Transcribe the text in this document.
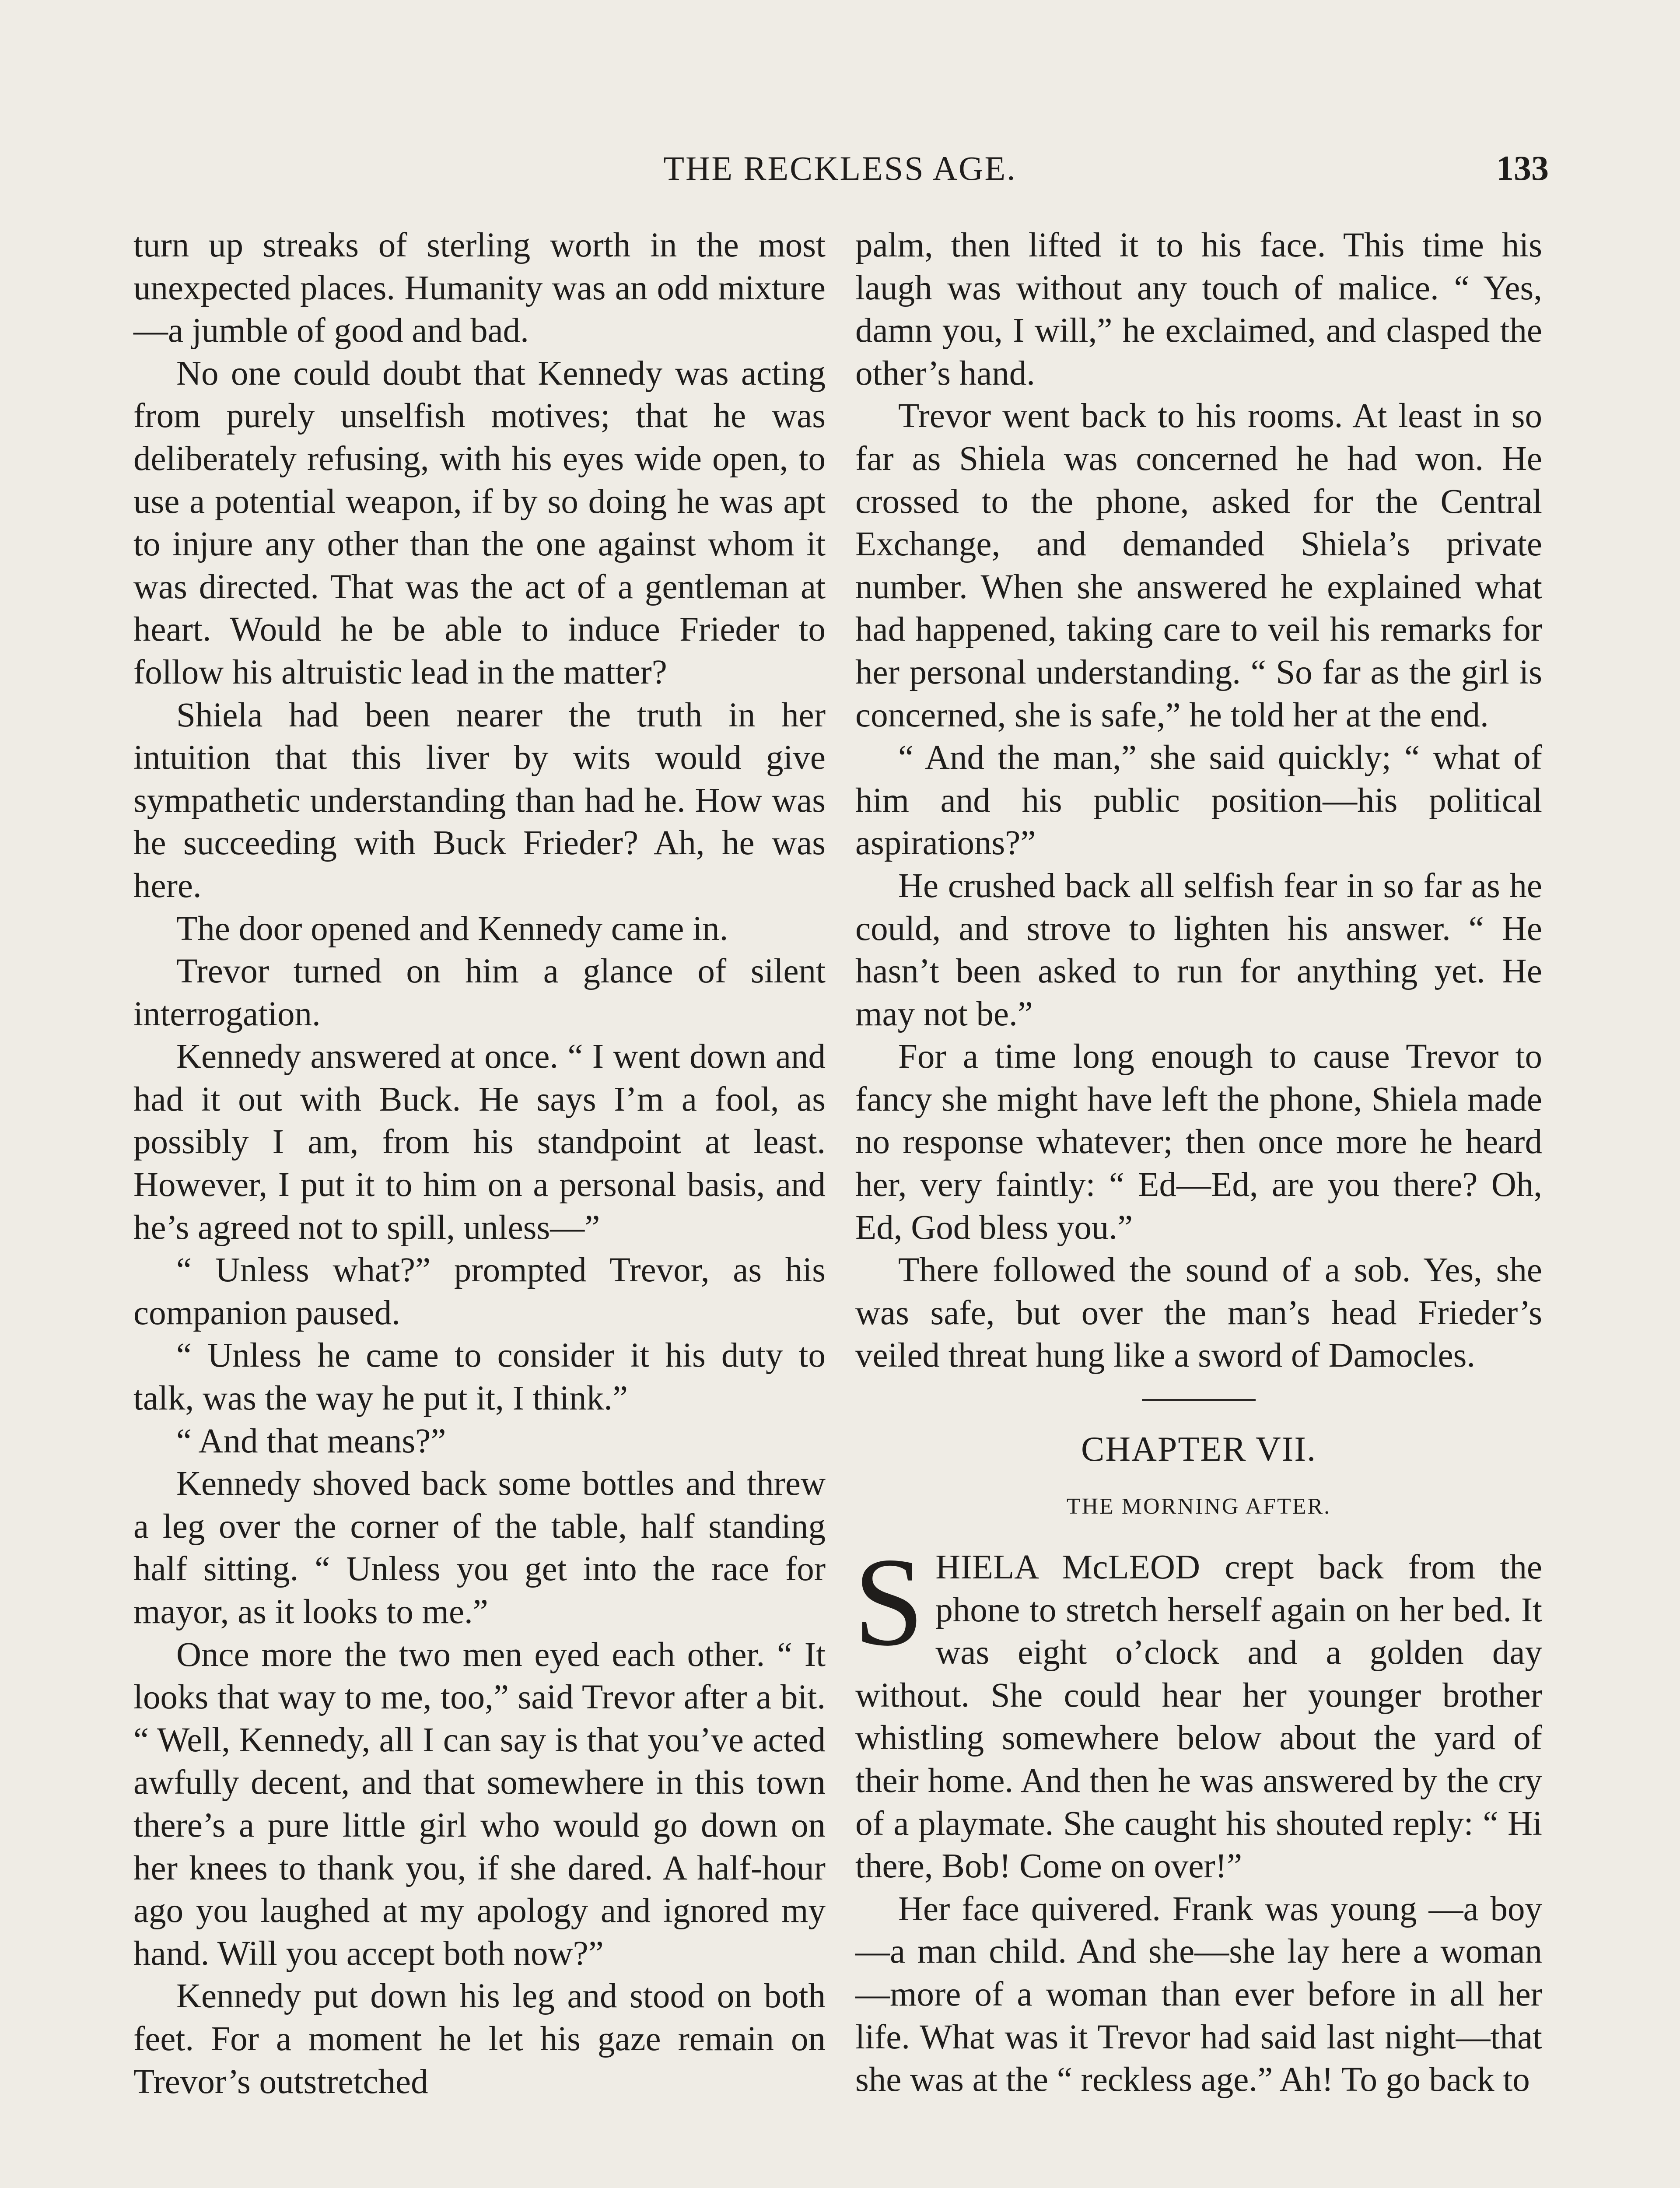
THE RECKLESS AGE.	133

turn up streaks of sterling worth in the most unexpected places. Humanity was an odd mixture—a jumble of good and bad.

No one could doubt that Kennedy was acting from purely unselfish motives; that he was deliberately refusing, with his eyes wide open, to use a potential weapon, if by so doing he was apt to injure any other than the one against whom it was directed. That was the act of a gentleman at heart. Would he be able to induce Frieder to follow his altruistic lead in the matter?

Shiela had been nearer the truth in her intuition that this liver by wits would give sympathetic understanding than had he. How was he succeeding with Buck Frieder? Ah, he was here.

The door opened and Kennedy came in.

Trevor turned on him a glance of silent interrogation.

Kennedy answered at once. “ I went down and had it out with Buck. He says I’m a fool, as possibly I am, from his standpoint at least. However, I put it to him on a personal basis, and he’s agreed not to spill, unless—”

“ Unless what?” prompted Trevor, as his companion paused.

“ Unless he came to consider it his duty to talk, was the way he put it, I think.”

“ And that means?”

Kennedy shoved back some bottles and threw a leg over the corner of the table, half standing half sitting. “ Unless you get into the race for mayor, as it looks to me.”

Once more the two men eyed each other. “ It looks that way to me, too,” said Trevor after a bit. “ Well, Kennedy, all I can say is that you’ve acted awfully decent, and that somewhere in this town there’s a pure little girl who would go down on her knees to thank you, if she dared. A half-hour ago you laughed at my apology and ignored my hand. Will you accept both now?”

Kennedy put down his leg and stood on both feet. For a moment he let his gaze remain on Trevor’s outstretched

palm, then lifted it to his face. This time his laugh was without any touch of malice. “ Yes, damn you, I will,” he exclaimed, and clasped the other’s hand.

Trevor went back to his rooms. At least in so far as Shiela was concerned he had won. He crossed to the phone, asked for the Central Exchange, and demanded Shiela’s private number. When she answered he explained what had happened, taking care to veil his remarks for her personal understanding. “ So far as the girl is concerned, she is safe,” he told her at the end.

“ And the man,” she said quickly; “ what of him and his public position—his political aspirations?”

He crushed back all selfish fear in so far as he could, and strove to lighten his answer. “ He hasn’t been asked to run for anything yet. He may not be.”

For a time long enough to cause Trevor to fancy she might have left the phone, Shiela made no response whatever; then once more he heard her, very faintly: “ Ed—Ed, are you there? Oh, Ed, God bless you.”

There followed the sound of a sob. Yes, she was safe, but over the man’s head Frieder’s veiled threat hung like a sword of Damocles.

CHAPTER VII.
THE MORNING AFTER.

SHIELA McLEOD crept back from the phone to stretch herself again on her bed. It was eight o’clock and a golden day without. She could hear her younger brother whistling somewhere below about the yard of their home. And then he was answered by the cry of a playmate. She caught his shouted reply: “ Hi there, Bob! Come on over!”

Her face quivered. Frank was young —a boy—a man child. And she—she lay here a woman—more of a woman than ever before in all her life. What was it Trevor had said last night—that she was at the “ reckless age.” Ah! To go back to
